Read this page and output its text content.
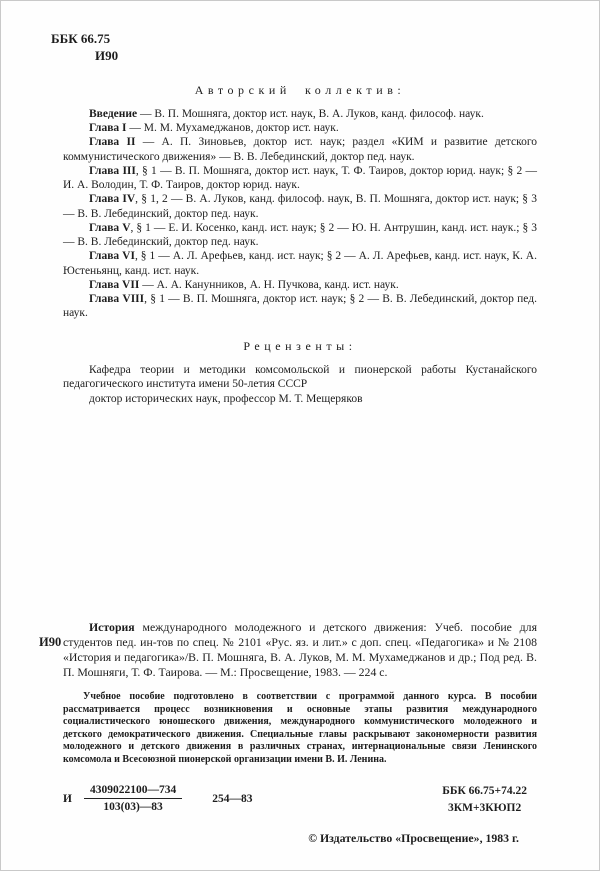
ББК 66.75
И90
Авторский коллектив:

Введение — В. П. Мошняга, доктор ист. наук, В. А. Луков, канд. философ. наук.

Глава I — М. М. Мухамеджанов, доктор ист. наук.

Глава II — А. П. Зиновьев, доктор ист. наук; раздел «КИМ и развитие детского коммунистического движения» — В. В. Лебединский, доктор пед. наук.

Глава III, § 1 — В. П. Мошняга, доктор ист. наук, Т. Ф. Таиров, доктор юрид. наук; § 2 — И. А. Володин, Т. Ф. Таиров, доктор юрид. наук.

Глава IV, § 1, 2 — В. А. Луков, канд. философ. наук, В. П. Мошняга, доктор ист. наук; § 3 — В. В. Лебединский, доктор пед. наук.

Глава V, § 1 — Е. И. Косенко, канд. ист. наук; § 2 — Ю. Н. Антрушин, канд. ист. наук.; § 3 — В. В. Лебединский, доктор пед. наук.

Глава VI, § 1 — А. Л. Арефьев, канд. ист. наук; § 2 — А. Л. Арефьев, канд. ист. наук, К. А. Юстеньянц, канд. ист. наук.

Глава VII — А. А. Канунников, А. Н. Пучкова, канд. ист. наук.

Глава VIII, § 1 — В. П. Мошняга, доктор ист. наук; § 2 — В. В. Лебединский, доктор пед. наук.

Рецензенты:

Кафедра теории и методики комсомольской и пионерской работы Кустанайского педагогического института имени 50-летия СССР

доктор исторических наук, профессор М. Т. Мещеряков

И90

История международного молодежного и детского движения: Учеб. пособие для студентов пед. ин-тов по спец. № 2101 «Рус. яз. и лит.» с доп. спец. «Педагогика» и № 2108 «История и педагогика»/В. П. Мошняга, В. А. Луков, М. М. Мухамеджанов и др.; Под ред. В. П. Мошняги, Т. Ф. Таирова. — М.: Просвещение, 1983. — 224 с.

Учебное пособие подготовлено в соответствии с программой данного курса. В пособии рассматривается процесс возникновения и основные этапы развития международного социалистического юношеского движения, международного коммунистического молодежного и детского демократического движения. Специальные главы раскрывают закономерности развития молодежного и детского движения в различных странах, интернациональные связи Ленинского комсомола и Всесоюзной пионерской организации имени В. И. Ленина.

И $\frac{4309022100—734}{103(03)—83}$	254—83
ББК 66.75+74.22
3КМ+3КЮП2
© Издательство «Просвещение», 1983 г.
